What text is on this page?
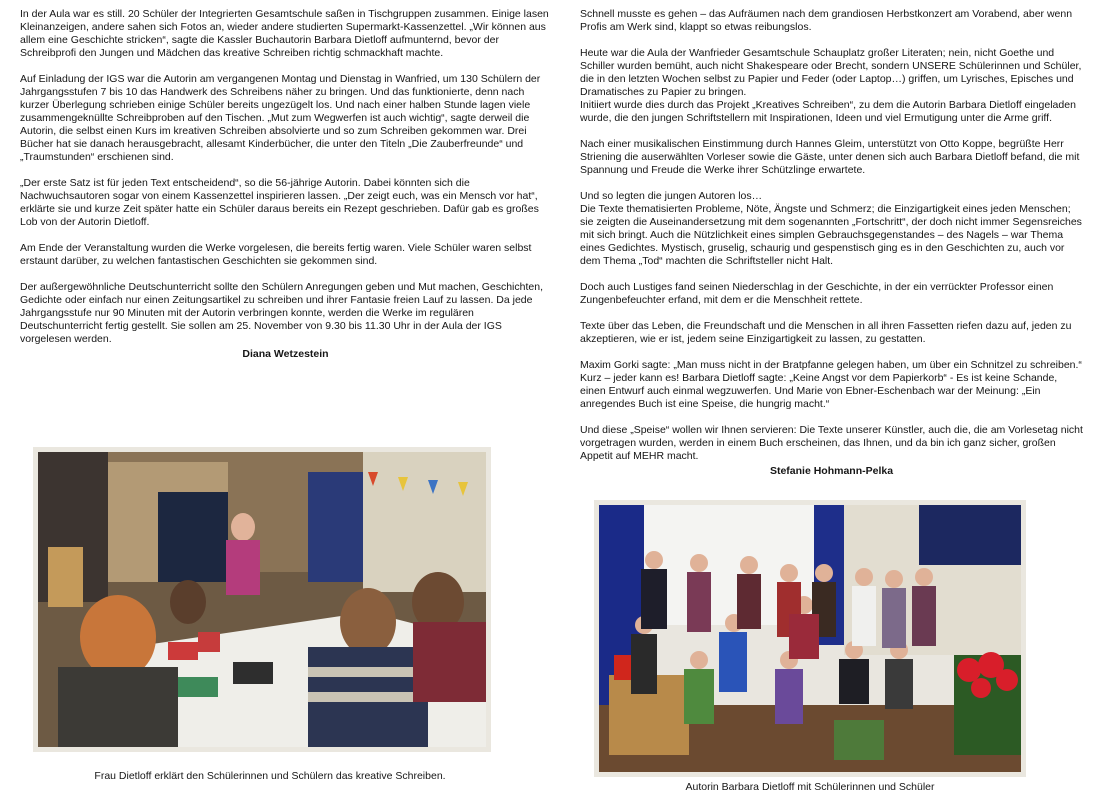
In der Aula war es still. 20 Schüler der Integrierten Gesamtschule saßen in Tischgruppen zusammen. Einige lasen Kleinanzeigen, andere sahen sich Fotos an, wieder andere studierten Supermarkt-Kassenzettel. „Wir können aus allem eine Geschichte stricken“, sagte die Kassler Buchautorin Barbara Dietloff aufmunternd, bevor der Schreibprofi den Jungen und Mädchen das kreative Schreiben richtig schmackhaft machte.

Auf Einladung der IGS war die Autorin am vergangenen Montag und Dienstag in Wanfried, um 130 Schülern der Jahrgangsstufen 7 bis 10 das Handwerk des Schreibens näher zu bringen. Und das funktionierte, denn nach kurzer Überlegung schrieben einige Schüler bereits ungezügelt los. Und nach einer halben Stunde lagen viele zusammengeknüllte Schreibproben auf den Tischen. „Mut zum Wegwerfen ist auch wichtig“, sagte derweil die Autorin, die selbst einen Kurs im kreativen Schreiben absolvierte und so zum Schreiben gekommen war. Drei Bücher hat sie danach herausgebracht, allesamt Kinderbücher, die unter den Titeln „Die Zauberfreunde“ und „Traumstunden“ erschienen sind.

„Der erste Satz ist für jeden Text entscheidend“, so die 56-jährige Autorin. Dabei könnten sich die Nachwuchsautoren sogar von einem Kassenzettel inspirieren lassen. „Der zeigt euch, was ein Mensch vor hat“, erklärte sie und kurze Zeit später hatte ein Schüler daraus bereits ein Rezept geschrieben. Dafür gab es großes Lob von der Autorin Dietloff.

Am Ende der Veranstaltung wurden die Werke vorgelesen, die bereits fertig waren. Viele Schüler waren selbst erstaunt darüber, zu welchen fantastischen Geschichten sie gekommen sind.

Der außergewöhnliche Deutschunterricht sollte den Schülern Anregungen geben und Mut machen, Geschichten, Gedichte oder einfach nur einen Zeitungsartikel zu schreiben und ihrer Fantasie freien Lauf zu lassen. Da jede Jahrgangsstufe nur 90 Minuten mit der Autorin verbringen konnte, werden die Werke im regulären Deutschunterricht fertig gestellt. Sie sollen am 25. November von 9.30 bis 11.30 Uhr in der Aula der IGS vorgelesen werden.

Diana Wetzestein

Frau Dietloff erklärt den Schülerinnen und Schülern das kreative Schreiben.

Schnell musste es gehen – das Aufräumen nach dem grandiosen Herbstkonzert am Vorabend, aber wenn Profis am Werk sind, klappt so etwas reibungslos.

Heute war die Aula der Wanfrieder Gesamtschule Schauplatz großer Literaten; nein, nicht Goethe und Schiller wurden bemüht, auch nicht Shakespeare oder Brecht, sondern UNSERE Schülerinnen und Schüler, die in den letzten Wochen selbst zu Papier und Feder (oder Laptop…) griffen, um Lyrisches, Episches und Dramatisches zu Papier zu bringen.
Initiiert wurde dies durch das Projekt „Kreatives Schreiben“, zu dem die Autorin Barbara Dietloff eingeladen wurde, die den jungen Schriftstellern mit Inspirationen, Ideen und viel Ermutigung unter die Arme griff.

Nach einer musikalischen Einstimmung durch Hannes Gleim, unterstützt von Otto Koppe, begrüßte Herr Striening die auserwählten Vorleser sowie die Gäste, unter denen sich auch Barbara Dietloff befand, die mit Spannung und Freude die Werke ihrer Schützlinge erwartete.

Und so legten die jungen Autoren los…
Die Texte thematisierten Probleme, Nöte, Ängste und Schmerz; die Einzigartigkeit eines jeden Menschen; sie zeigten die Auseinandersetzung mit dem sogenannten „Fortschritt“, der doch nicht immer Segensreiches mit sich bringt. Auch die Nützlichkeit eines simplen Gebrauchsgegenstandes – des Nagels – war Thema eines Gedichtes. Mystisch, gruselig, schaurig und gespenstisch ging es in den Geschichten zu, auch vor dem Thema „Tod“ machten die Schriftsteller nicht Halt.

Doch auch Lustiges fand seinen Niederschlag in der Geschichte, in der ein verrückter Professor einen Zungenbefeuchter erfand, mit dem er die Menschheit rettete.

Texte über das Leben, die Freundschaft und die Menschen in all ihren Fassetten riefen dazu auf, jeden zu akzeptieren, wie er ist, jedem seine Einzigartigkeit zu lassen, zu gestatten.

Maxim Gorki sagte: „Man muss nicht in der Bratpfanne gelegen haben, um über ein Schnitzel zu schreiben.“ Kurz – jeder kann es! Barbara Dietloff sagte: „Keine Angst vor dem Papierkorb“ - Es ist keine Schande, einen Entwurf auch einmal wegzuwerfen. Und Marie von Ebner-Eschenbach war der Meinung: „Ein anregendes Buch ist eine Speise, die hungrig macht.“

Und diese „Speise“ wollen wir Ihnen servieren: Die Texte unserer Künstler, auch die, die am Vorlesetag nicht vorgetragen wurden, werden in einem Buch erscheinen, das Ihnen, und da bin ich ganz sicher, großen Appetit auf MEHR macht.

Stefanie Hohmann-Pelka

Autorin Barbara Dietloff mit Schülerinnen und Schüler
